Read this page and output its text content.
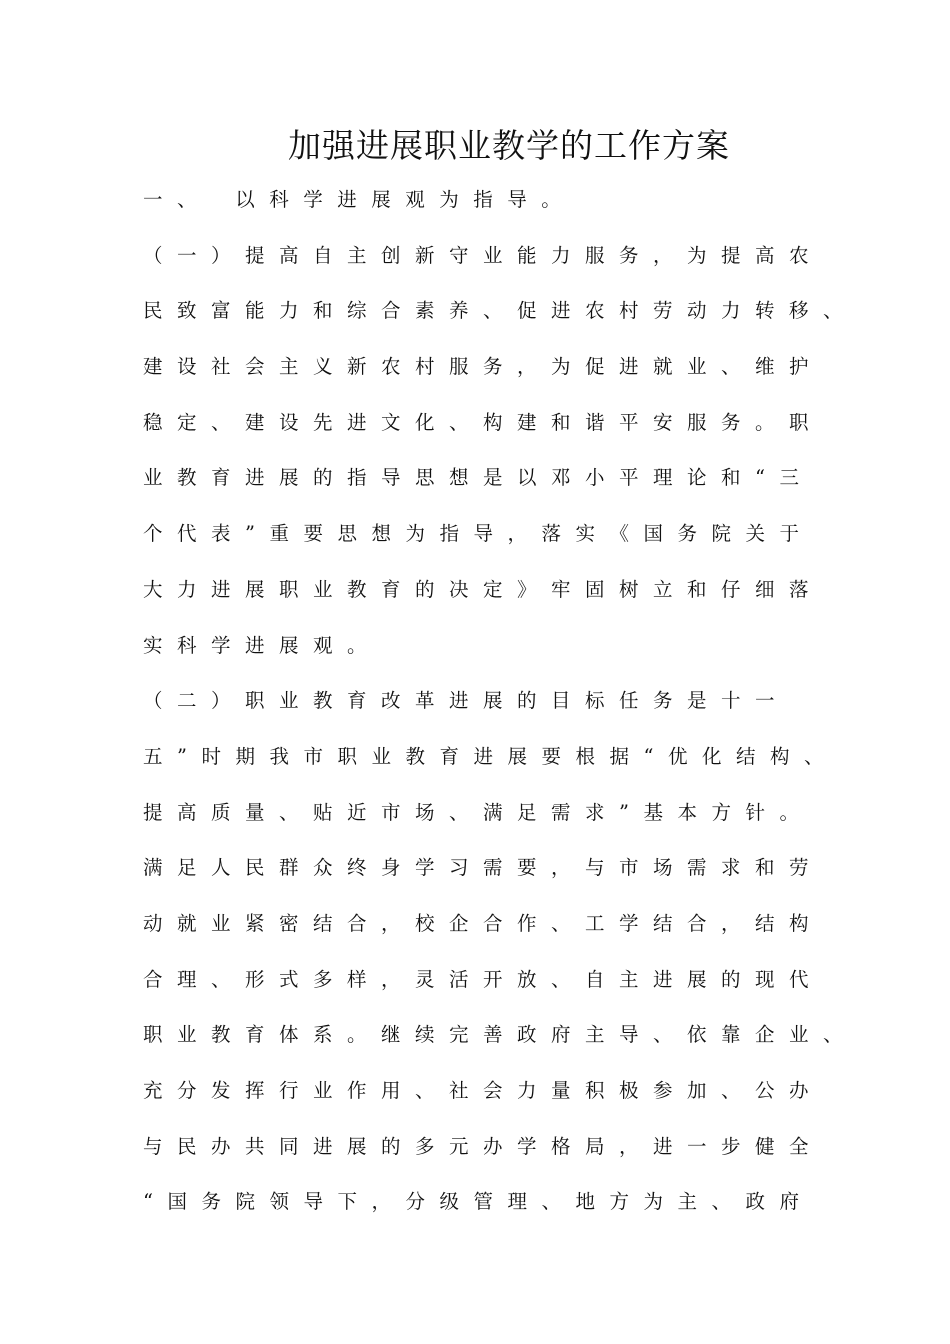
加强进展职业教学的工作方案
一、　以科学进展观为指导。
（一）提高自主创新守业能力服务，为提高农
民致富能力和综合素养、促进农村劳动力转移、
建设社会主义新农村服务，为促进就业、维护
稳定、建设先进文化、构建和谐平安服务。职
业教育进展的指导思想是以邓小平理论和“三
个代表”重要思想为指导，落实《国务院关于
大力进展职业教育的决定》牢固树立和仔细落
实科学进展观。
（二）职业教育改革进展的目标任务是十一
五”时期我市职业教育进展要根据“优化结构、
提高质量、贴近市场、满足需求”基本方针。
满足人民群众终身学习需要，与市场需求和劳
动就业紧密结合，校企合作、工学结合，结构
合理、形式多样，灵活开放、自主进展的现代
职业教育体系。继续完善政府主导、依靠企业、
充分发挥行业作用、社会力量积极参加、公办
与民办共同进展的多元办学格局，进一步健全
“国务院领导下，分级管理、地方为主、政府
